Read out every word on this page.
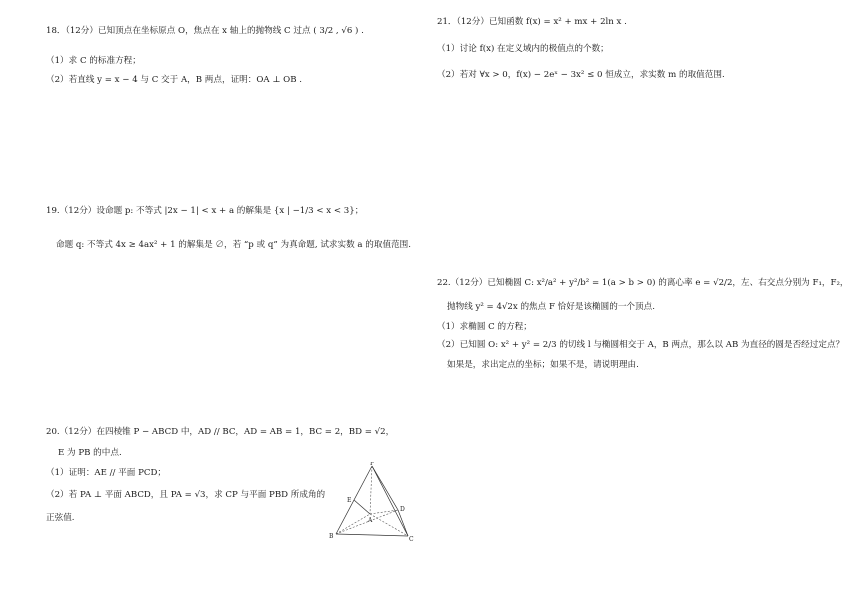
18．（12分）已知顶点在坐标原点 O，焦点在 x 轴上的抛物线 C 过点 ( 3/2 , √6 ) .
（1）求 C 的标准方程；
（2）若直线 y = x − 4 与 C 交于 A，B 两点，证明：OA ⊥ OB .
19.（12分）设命题 p: 不等式 |2x − 1| < x + a 的解集是 {x | −1/3 < x < 3}；
命题 q: 不等式 4x ≥ 4ax² + 1 的解集是 ∅，若 “p 或 q” 为真命题, 试求实数 a 的取值范围.
20.（12分）在四棱锥 P − ABCD 中，AD // BC，AD = AB = 1，BC = 2，BD = √2，
E 为 PB 的中点.
（1）证明：AE // 平面 PCD；
（2）若 PA ⊥ 平面 ABCD，且 PA = √3，求 CP 与平面 PBD 所成角的
正弦值.
P
E
A
D
B	C
21．（12分）已知函数 f(x) = x² + mx + 2ln x .
（1）讨论 f(x) 在定义域内的极值点的个数；
（2）若对 ∀x > 0，f(x) − 2eˣ − 3x² ≤ 0 恒成立，求实数 m 的取值范围.
22.（12分）已知椭圆 C: x²/a² + y²/b² = 1(a > b > 0) 的离心率 e = √2/2，左、右交点分别为 F₁，F₂，
抛物线 y² = 4√2x 的焦点 F 恰好是该椭圆的一个顶点.
（1）求椭圆 C 的方程；
（2）已知圆 O: x² + y² = 2/3 的切线 l 与椭圆相交于 A，B 两点，那么以 AB 为直径的圆是否经过定点？
如果是，求出定点的坐标；如果不是，请说明理由.
